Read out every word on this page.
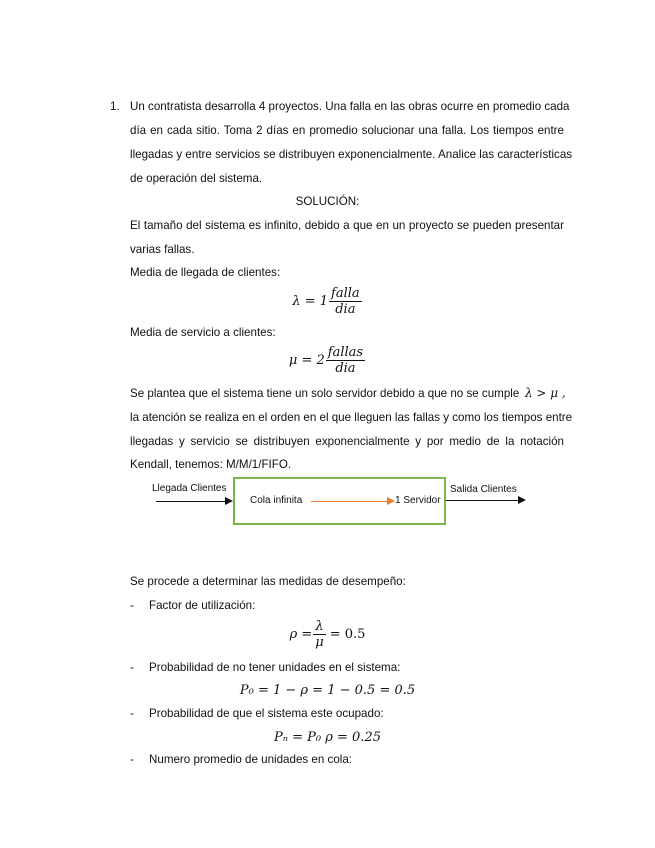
1. Un contratista desarrolla 4 proyectos. Una falla en las obras ocurre en promedio cada
día en cada sitio. Toma 2 días en promedio solucionar una falla. Los tiempos entre
llegadas y entre servicios se distribuyen exponencialmente. Analice las características
de operación del sistema.
SOLUCIÓN:
El tamaño del sistema es infinito, debido a que en un proyecto se pueden presentar
varias fallas.
Media de llegada de clientes:
$\lambda = 1 \frac{\text{falla}}{\text{dia}}$
Media de servicio a clientes:
$\mu = 2 \frac{\text{fallas}}{\text{dia}}$
Se plantea que el sistema tiene un solo servidor debido a que no se cumple λ > μ ,
la atención se realiza en el orden en el que lleguen las fallas y como los tiempos entre
llegadas y servicio se distribuyen exponencialmente y por medio de la notación
Kendall, tenemos: M/M/1/FIFO.
Llegada Clientes
Cola infinita	1 Servidor
Salida Clientes
Se procede a determinar las medidas de desempeño:
- Factor de utilización:
$\rho = \frac{\lambda}{\mu} = 0.5$
- Probabilidad de no tener unidades en el sistema:
P₀ = 1 − ρ = 1 − 0.5 = 0.5
- Probabilidad de que el sistema este ocupado:
Pₙ = P₀ ρ = 0.25
- Numero promedio de unidades en cola:
